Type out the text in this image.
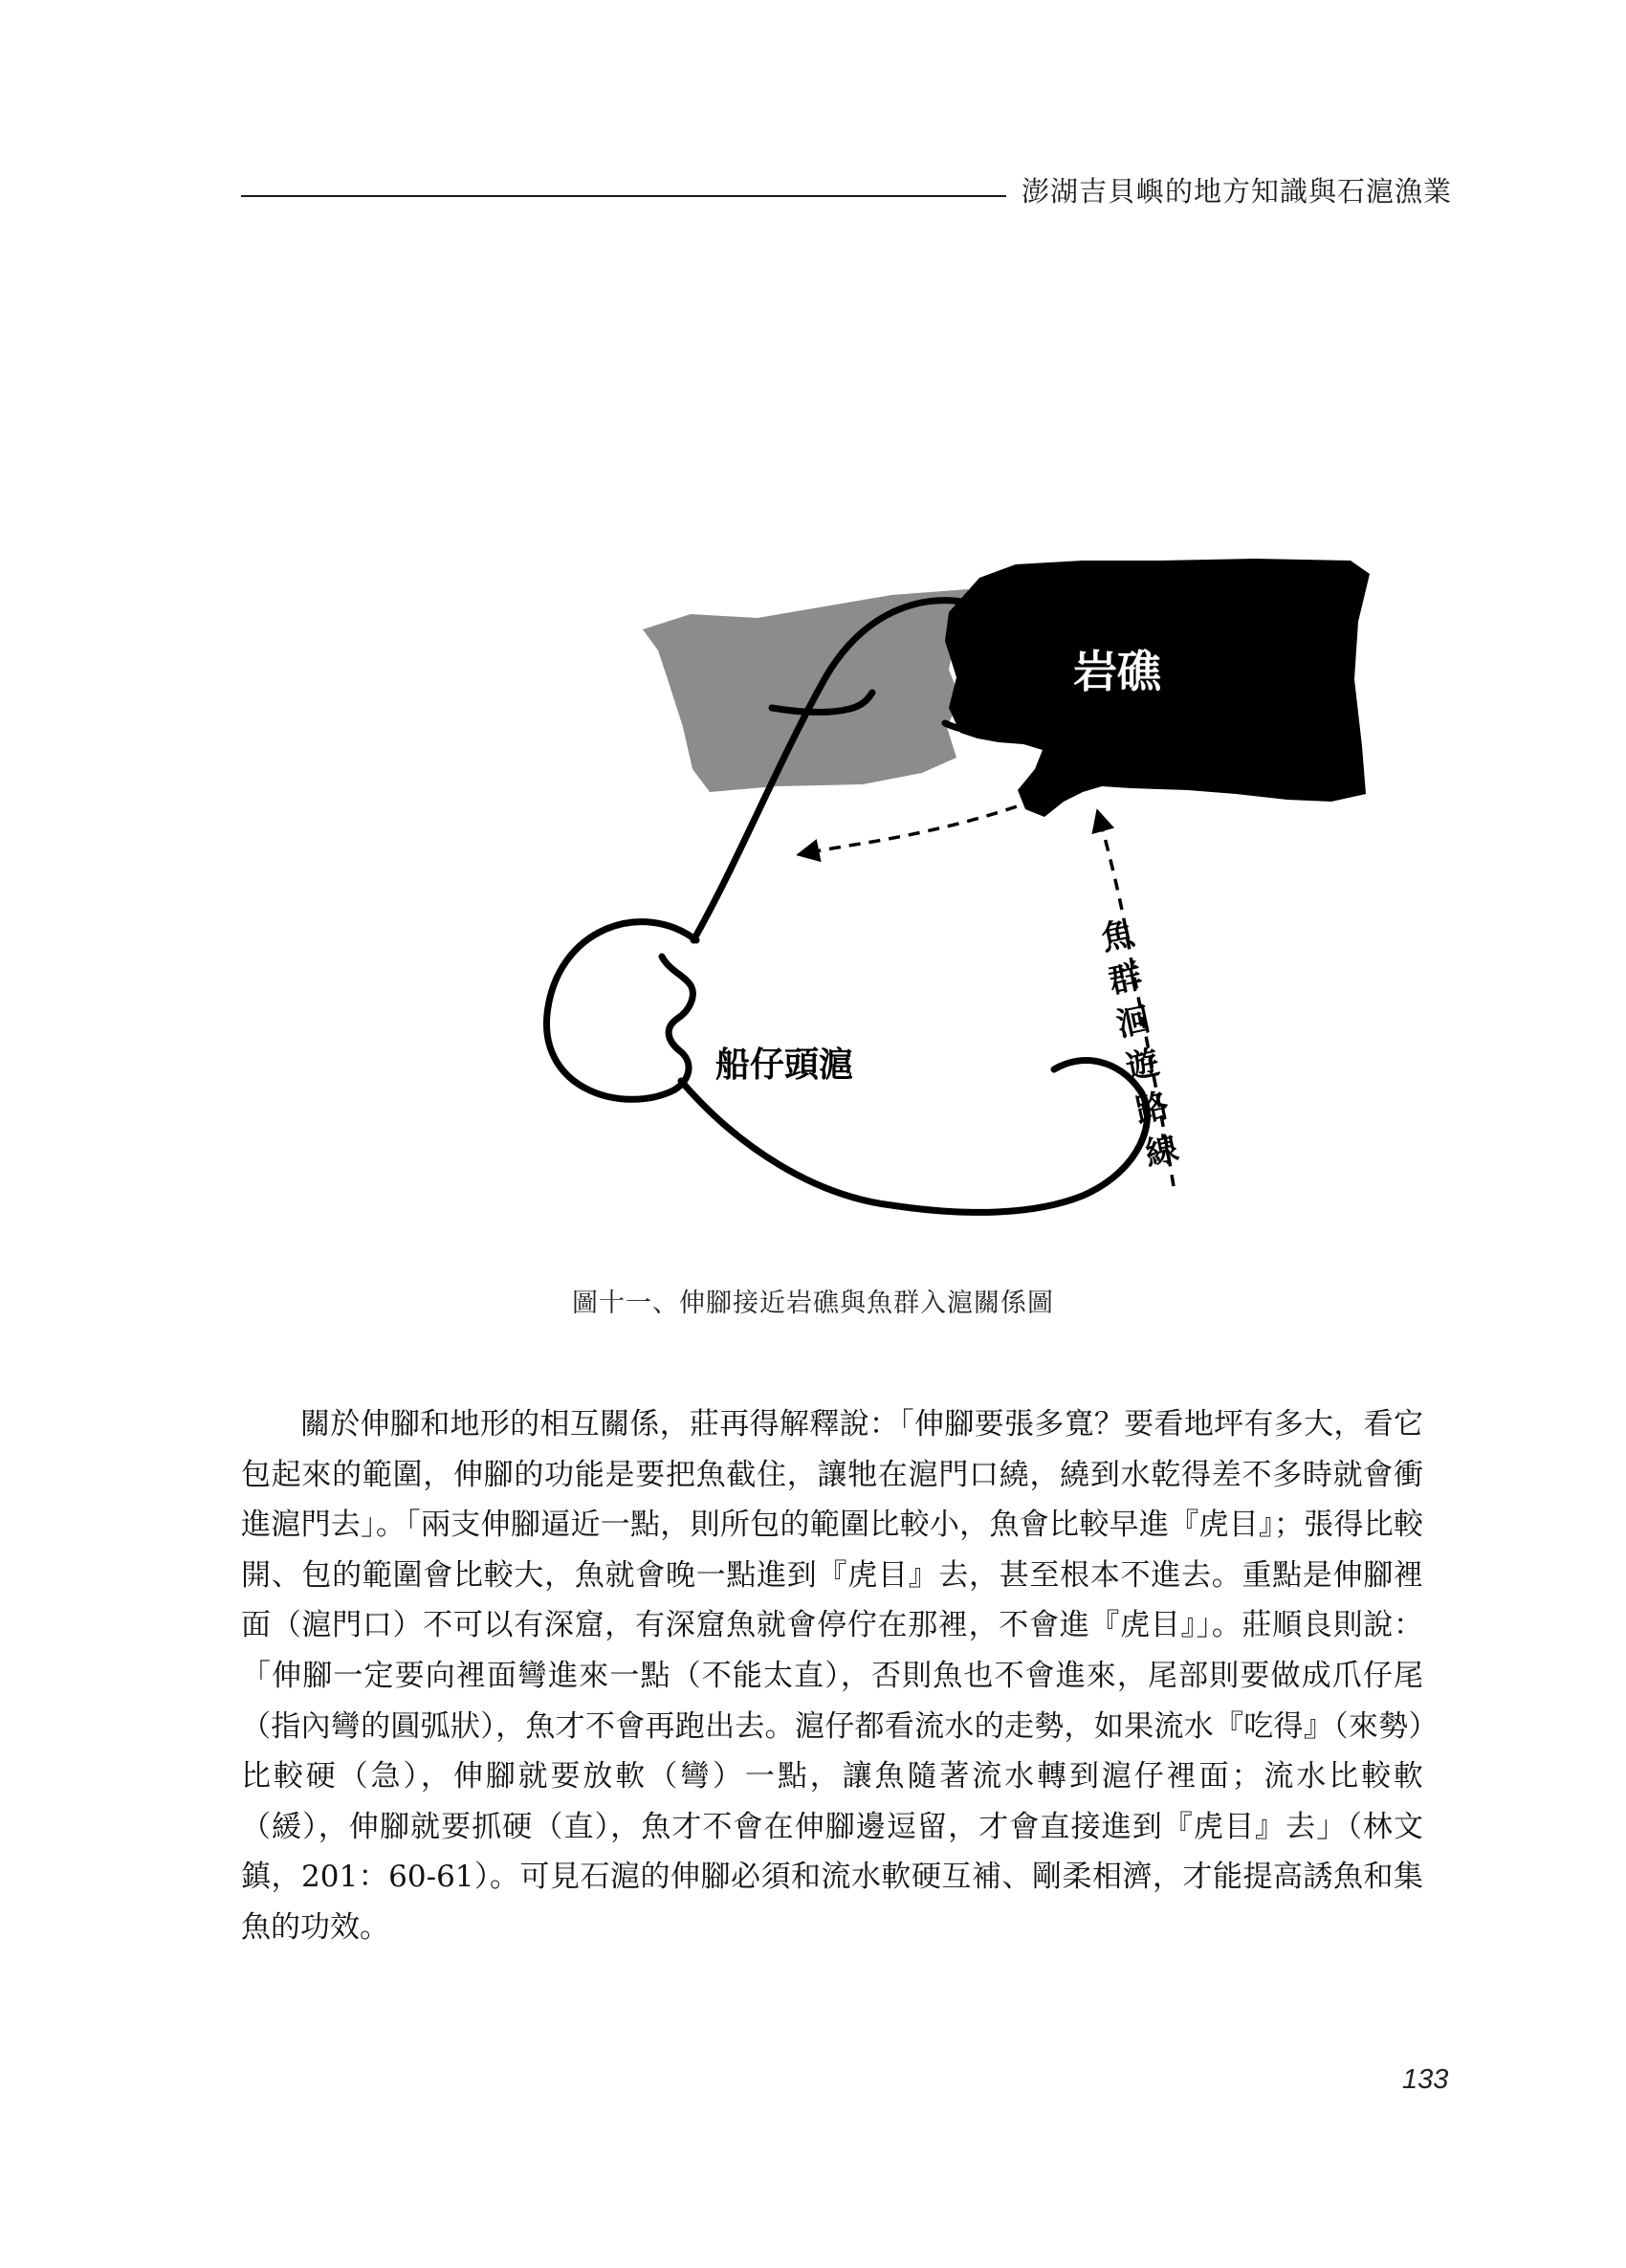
澎湖吉貝嶼的地方知識與石滬漁業
岩礁
船仔頭滬
魚
群
洄
遊
路
線
圖十一、伸腳接近岩礁與魚群入滬關係圖

關於伸腳和地形的相互關係，莊再得解釋說：「伸腳要張多寬？要看地坪有多大，看它包起來的範圍，伸腳的功能是要把魚截住，讓牠在滬門口繞，繞到水乾得差不多時就會衝進滬門去」。「兩支伸腳逼近一點，則所包的範圍比較小，魚會比較早進『虎目』；張得比較開、包的範圍會比較大，魚就會晚一點進到『虎目』去，甚至根本不進去。重點是伸腳裡面（滬門口）不可以有深窟，有深窟魚就會停佇在那裡，不會進『虎目』」。莊順良則說：「伸腳一定要向裡面彎進來一點（不能太直），否則魚也不會進來，尾部則要做成爪仔尾（指內彎的圓弧狀），魚才不會再跑出去。滬仔都看流水的走勢，如果流水『吃得』（來勢）比較硬（急），伸腳就要放軟（彎）一點，讓魚隨著流水轉到滬仔裡面；流水比較軟（緩），伸腳就要抓硬（直），魚才不會在伸腳邊逗留，才會直接進到『虎目』去」（林文鎮，201：60-61）。可見石滬的伸腳必須和流水軟硬互補、剛柔相濟，才能提高誘魚和集魚的功效。

133
